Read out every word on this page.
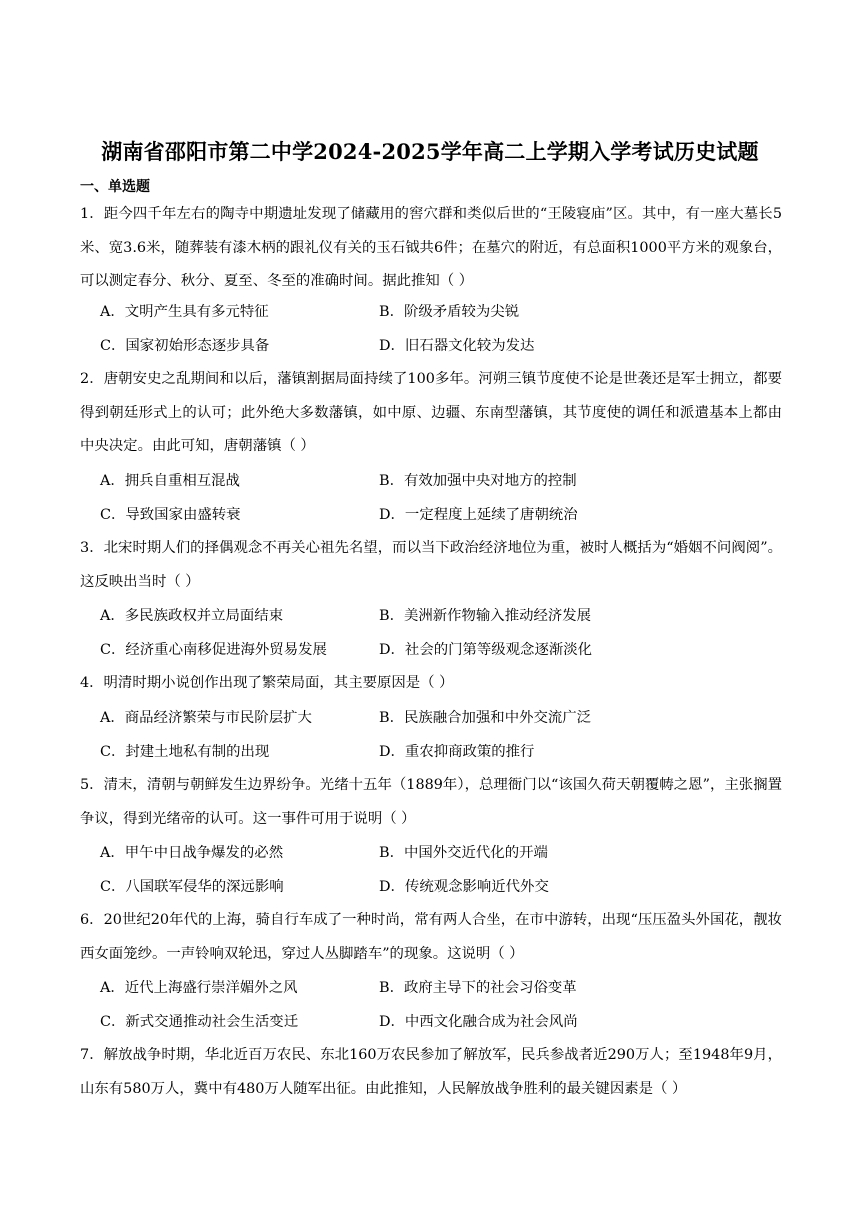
湖南省邵阳市第二中学2024-2025学年高二上学期入学考试历史试题
一、单选题
1．距今四千年左右的陶寺中期遗址发现了储藏用的窖穴群和类似后世的“王陵寝庙”区。其中，有一座大墓长5米、宽3.6米，随葬装有漆木柄的跟礼仪有关的玉石钺共6件；在墓穴的附近，有总面积1000平方米的观象台，可以测定春分、秋分、夏至、冬至的准确时间。据此推知（ ）
A．文明产生具有多元特征	B．阶级矛盾较为尖锐
C．国家初始形态逐步具备	D．旧石器文化较为发达
2．唐朝安史之乱期间和以后，藩镇割据局面持续了100多年。河朔三镇节度使不论是世袭还是军士拥立，都要得到朝廷形式上的认可；此外绝大多数藩镇，如中原、边疆、东南型藩镇，其节度使的调任和派遣基本上都由中央决定。由此可知，唐朝藩镇（ ）
A．拥兵自重相互混战	B．有效加强中央对地方的控制
C．导致国家由盛转衰	D．一定程度上延续了唐朝统治
3．北宋时期人们的择偶观念不再关心祖先名望，而以当下政治经济地位为重，被时人概括为“婚姻不问阀阅”。这反映出当时（ ）
A．多民族政权并立局面结束	B．美洲新作物输入推动经济发展
C．经济重心南移促进海外贸易发展	D．社会的门第等级观念逐渐淡化
4．明清时期小说创作出现了繁荣局面，其主要原因是（ ）
A．商品经济繁荣与市民阶层扩大	B．民族融合加强和中外交流广泛
C．封建土地私有制的出现	D．重农抑商政策的推行
5．清末，清朝与朝鲜发生边界纷争。光绪十五年（1889年），总理衙门以“该国久荷天朝覆帱之恩”，主张搁置争议，得到光绪帝的认可。这一事件可用于说明（ ）
A．甲午中日战争爆发的必然	B．中国外交近代化的开端
C．八国联军侵华的深远影响	D．传统观念影响近代外交
6．20世纪20年代的上海，骑自行车成了一种时尚，常有两人合坐，在市中游转，出现“压压盈头外国花，靓妆西女面笼纱。一声铃响双轮迅，穿过人丛脚踏车”的现象。这说明（ ）
A．近代上海盛行崇洋媚外之风	B．政府主导下的社会习俗变革
C．新式交通推动社会生活变迁	D．中西文化融合成为社会风尚
7．解放战争时期，华北近百万农民、东北160万农民参加了解放军，民兵参战者近290万人；至1948年9月，山东有580万人，冀中有480万人随军出征。由此推知，人民解放战争胜利的最关键因素是（ ）
